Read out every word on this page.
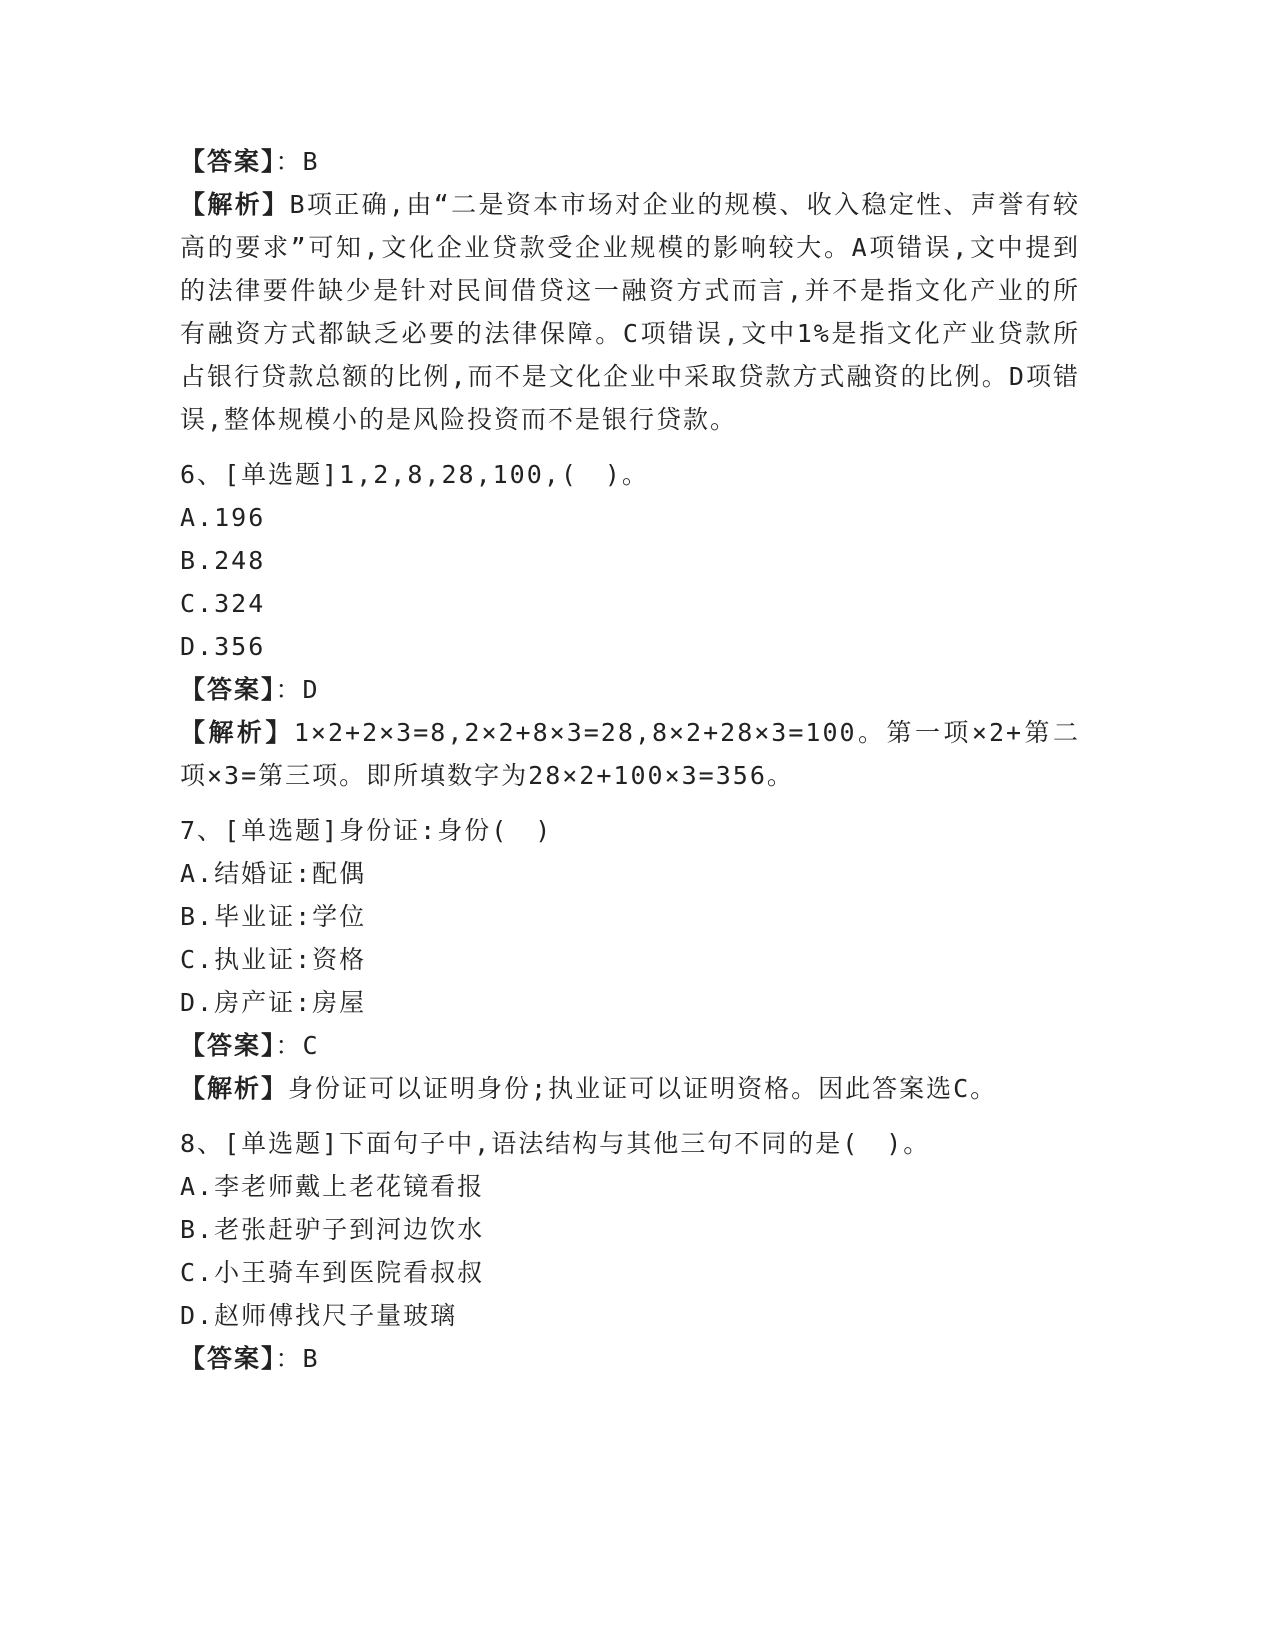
【答案】：B
【解析】B项正确,由“二是资本市场对企业的规模、收入稳定性、声誉有较高的要求”可知,文化企业贷款受企业规模的影响较大。A项错误,文中提到的法律要件缺少是针对民间借贷这一融资方式而言,并不是指文化产业的所有融资方式都缺乏必要的法律保障。C项错误,文中1%是指文化产业贷款所占银行贷款总额的比例,而不是文化企业中采取贷款方式融资的比例。D项错误,整体规模小的是风险投资而不是银行贷款。
6、[单选题]1,2,8,28,100,(　)。
A.196
B.248
C.324
D.356
【答案】：D
【解析】1×2+2×3=8,2×2+8×3=28,8×2+28×3=100。第一项×2+第二项×3=第三项。即所填数字为28×2+100×3=356。
7、[单选题]身份证:身份(　)
A.结婚证:配偶
B.毕业证:学位
C.执业证:资格
D.房产证:房屋
【答案】：C
【解析】身份证可以证明身份;执业证可以证明资格。因此答案选C。
8、[单选题]下面句子中,语法结构与其他三句不同的是(　)。
A.李老师戴上老花镜看报
B.老张赶驴子到河边饮水
C.小王骑车到医院看叔叔
D.赵师傅找尺子量玻璃
【答案】：B
